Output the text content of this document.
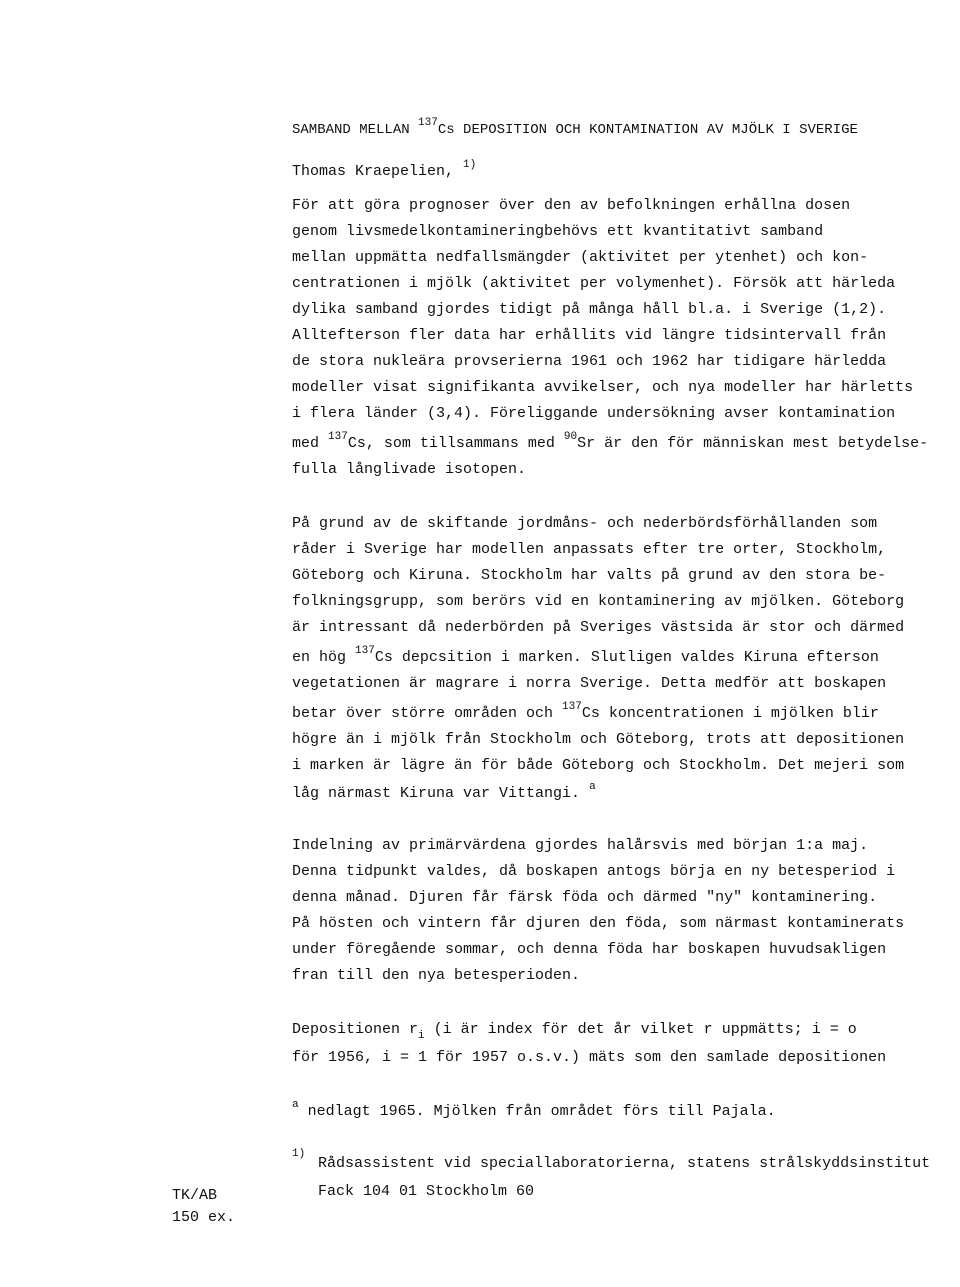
SAMBAND MELLAN $^{137}$Cs DEPOSITION OCH KONTAMINATION AV MJÖLK I SVERIGE
Thomas Kraepelien, $^{1)}$
För att göra prognoser över den av befolkningen erhållna dosen
genom livsmedelkontamineringbehövs ett kvantitativt samband
mellan uppmätta nedfallsmängder (aktivitet per ytenhet) och kon-
centrationen i mjölk (aktivitet per volymenhet). Försök att härleda
dylika samband gjordes tidigt på många håll bl.a. i Sverige (1,2).
Alltefterson fler data har erhållits vid längre tidsintervall från
de stora nukleära provserierna 1961 och 1962 har tidigare härledda
modeller visat signifikanta avvikelser, och nya modeller har härletts
i flera länder (3,4). Föreliggande undersökning avser kontamination
med $^{137}$Cs, som tillsammans med $^{90}$Sr är den för människan mest betydelse-
fulla långlivade isotopen.
På grund av de skiftande jordmåns- och nederbördsförhållanden som
råder i Sverige har modellen anpassats efter tre orter, Stockholm,
Göteborg och Kiruna. Stockholm har valts på grund av den stora be-
folkningsgrupp, som berörs vid en kontaminering av mjölken. Göteborg
är intressant då nederbörden på Sveriges västsida är stor och därmed
en hög $^{137}$Cs depcsition i marken. Slutligen valdes Kiruna efterson
vegetationen är magrare i norra Sverige. Detta medför att boskapen
betar över större områden och $^{137}$Cs koncentrationen i mjölken blir
högre än i mjölk från Stockholm och Göteborg, trots att depositionen
i marken är lägre än för både Göteborg och Stockholm. Det mejeri som
låg närmast Kiruna var Vittangi. $^a$
Indelning av primärvärdena gjordes halårsvis med början 1:a maj.
Denna tidpunkt valdes, då boskapen antogs börja en ny betesperiod i
denna månad. Djuren får färsk föda och därmed "ny" kontaminering.
På hösten och vintern får djuren den föda, som närmast kontaminerats
under föregående sommar, och denna föda har boskapen huvudsakligen
fran till den nya betesperioden.
Depositionen $r_i$ (i är index för det år vilket r uppmätts; i = o
för 1956, i = 1 för 1957 o.s.v.) mäts som den samlade depositionen
$^a$ nedlagt 1965. Mjölken från området förs till Pajala.
1)
Rådsassistent vid speciallaboratorierna, statens strålskyddsinstitut
Fack 104 01 Stockholm 60
TK/AB
150 ex.
